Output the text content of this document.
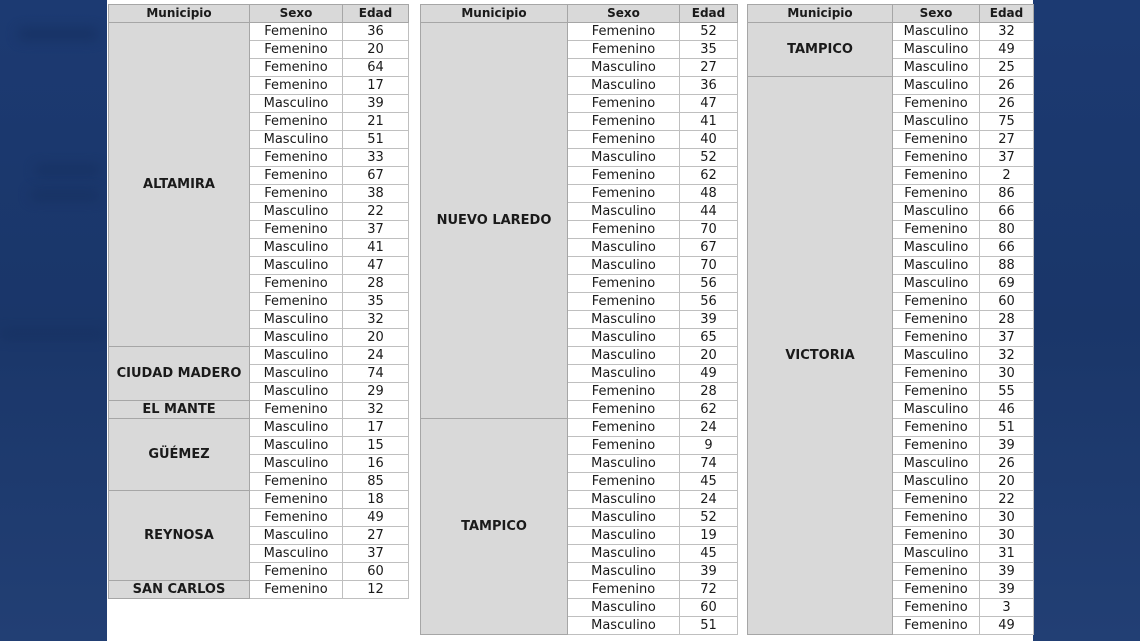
Municipio	Sexo	Edad
ALTAMIRA	Femenino	36
	Femenino	20
	Femenino	64
	Femenino	17
	Masculino	39
	Femenino	21
	Masculino	51
	Femenino	33
	Femenino	67
	Femenino	38
	Masculino	22
	Femenino	37
	Masculino	41
	Masculino	47
	Femenino	28
	Femenino	35
	Masculino	32
	Masculino	20
CIUDAD MADERO	Masculino	24
	Masculino	74
	Masculino	29
EL MANTE	Femenino	32
GÜÉMEZ	Masculino	17
	Masculino	15
	Masculino	16
	Femenino	85
REYNOSA	Femenino	18
	Femenino	49
	Masculino	27
	Masculino	37
	Femenino	60
SAN CARLOS	Femenino	12
Municipio	Sexo	Edad
NUEVO LAREDO	Femenino	52
	Femenino	35
	Masculino	27
	Masculino	36
	Femenino	47
	Femenino	41
	Femenino	40
	Masculino	52
	Femenino	62
	Femenino	48
	Masculino	44
	Femenino	70
	Masculino	67
	Masculino	70
	Femenino	56
	Femenino	56
	Masculino	39
	Masculino	65
	Masculino	20
	Masculino	49
	Femenino	28
	Femenino	62
TAMPICO	Femenino	24
	Femenino	9
	Masculino	74
	Femenino	45
	Masculino	24
	Masculino	52
	Masculino	19
	Masculino	45
	Masculino	39
	Femenino	72
	Masculino	60
	Masculino	51
Municipio	Sexo	Edad
TAMPICO	Masculino	32
	Masculino	49
	Masculino	25
VICTORIA	Masculino	26
	Femenino	26
	Masculino	75
	Femenino	27
	Femenino	37
	Femenino	2
	Femenino	86
	Masculino	66
	Femenino	80
	Masculino	66
	Masculino	88
	Masculino	69
	Femenino	60
	Femenino	28
	Femenino	37
	Masculino	32
	Femenino	30
	Femenino	55
	Masculino	46
	Femenino	51
	Femenino	39
	Masculino	26
	Masculino	20
	Femenino	22
	Femenino	30
	Femenino	30
	Masculino	31
	Femenino	39
	Femenino	39
	Femenino	3
	Femenino	49
